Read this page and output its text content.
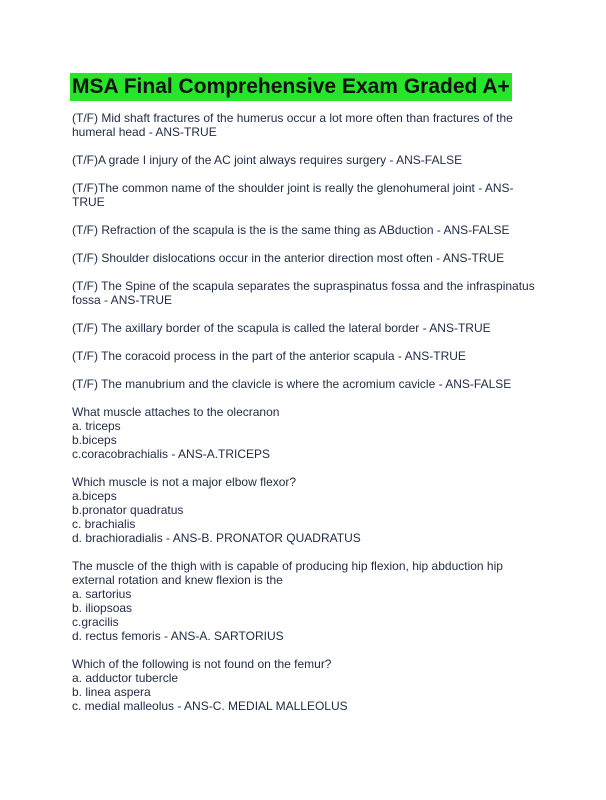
MSA Final Comprehensive Exam Graded A+
(T/F) Mid shaft fractures of the humerus occur a lot more often than fractures of the
humeral head - ANS-TRUE
(T/F)A grade I injury of the AC joint always requires surgery - ANS-FALSE
(T/F)The common name of the shoulder joint is really the glenohumeral joint - ANS-
TRUE
(T/F) Refraction of the scapula is the is the same thing as ABduction - ANS-FALSE
(T/F) Shoulder dislocations occur in the anterior direction most often - ANS-TRUE
(T/F) The Spine of the scapula separates the supraspinatus fossa and the infraspinatus
fossa - ANS-TRUE
(T/F) The axillary border of the scapula is called the lateral border - ANS-TRUE
(T/F) The coracoid process in the part of the anterior scapula - ANS-TRUE
(T/F) The manubrium and the clavicle is where the acromium cavicle - ANS-FALSE
What muscle attaches to the olecranon
a. triceps
b.biceps
c.coracobrachialis - ANS-A.TRICEPS
Which muscle is not a major elbow flexor?
a.biceps
b.pronator quadratus
c. brachialis
d. brachioradialis - ANS-B. PRONATOR QUADRATUS
The muscle of the thigh with is capable of producing hip flexion, hip abduction hip
external rotation and knew flexion is the
a. sartorius
b. iliopsoas
c.gracilis
d. rectus femoris - ANS-A. SARTORIUS
Which of the following is not found on the femur?
a. adductor tubercle
b. linea aspera
c. medial malleolus - ANS-C. MEDIAL MALLEOLUS
